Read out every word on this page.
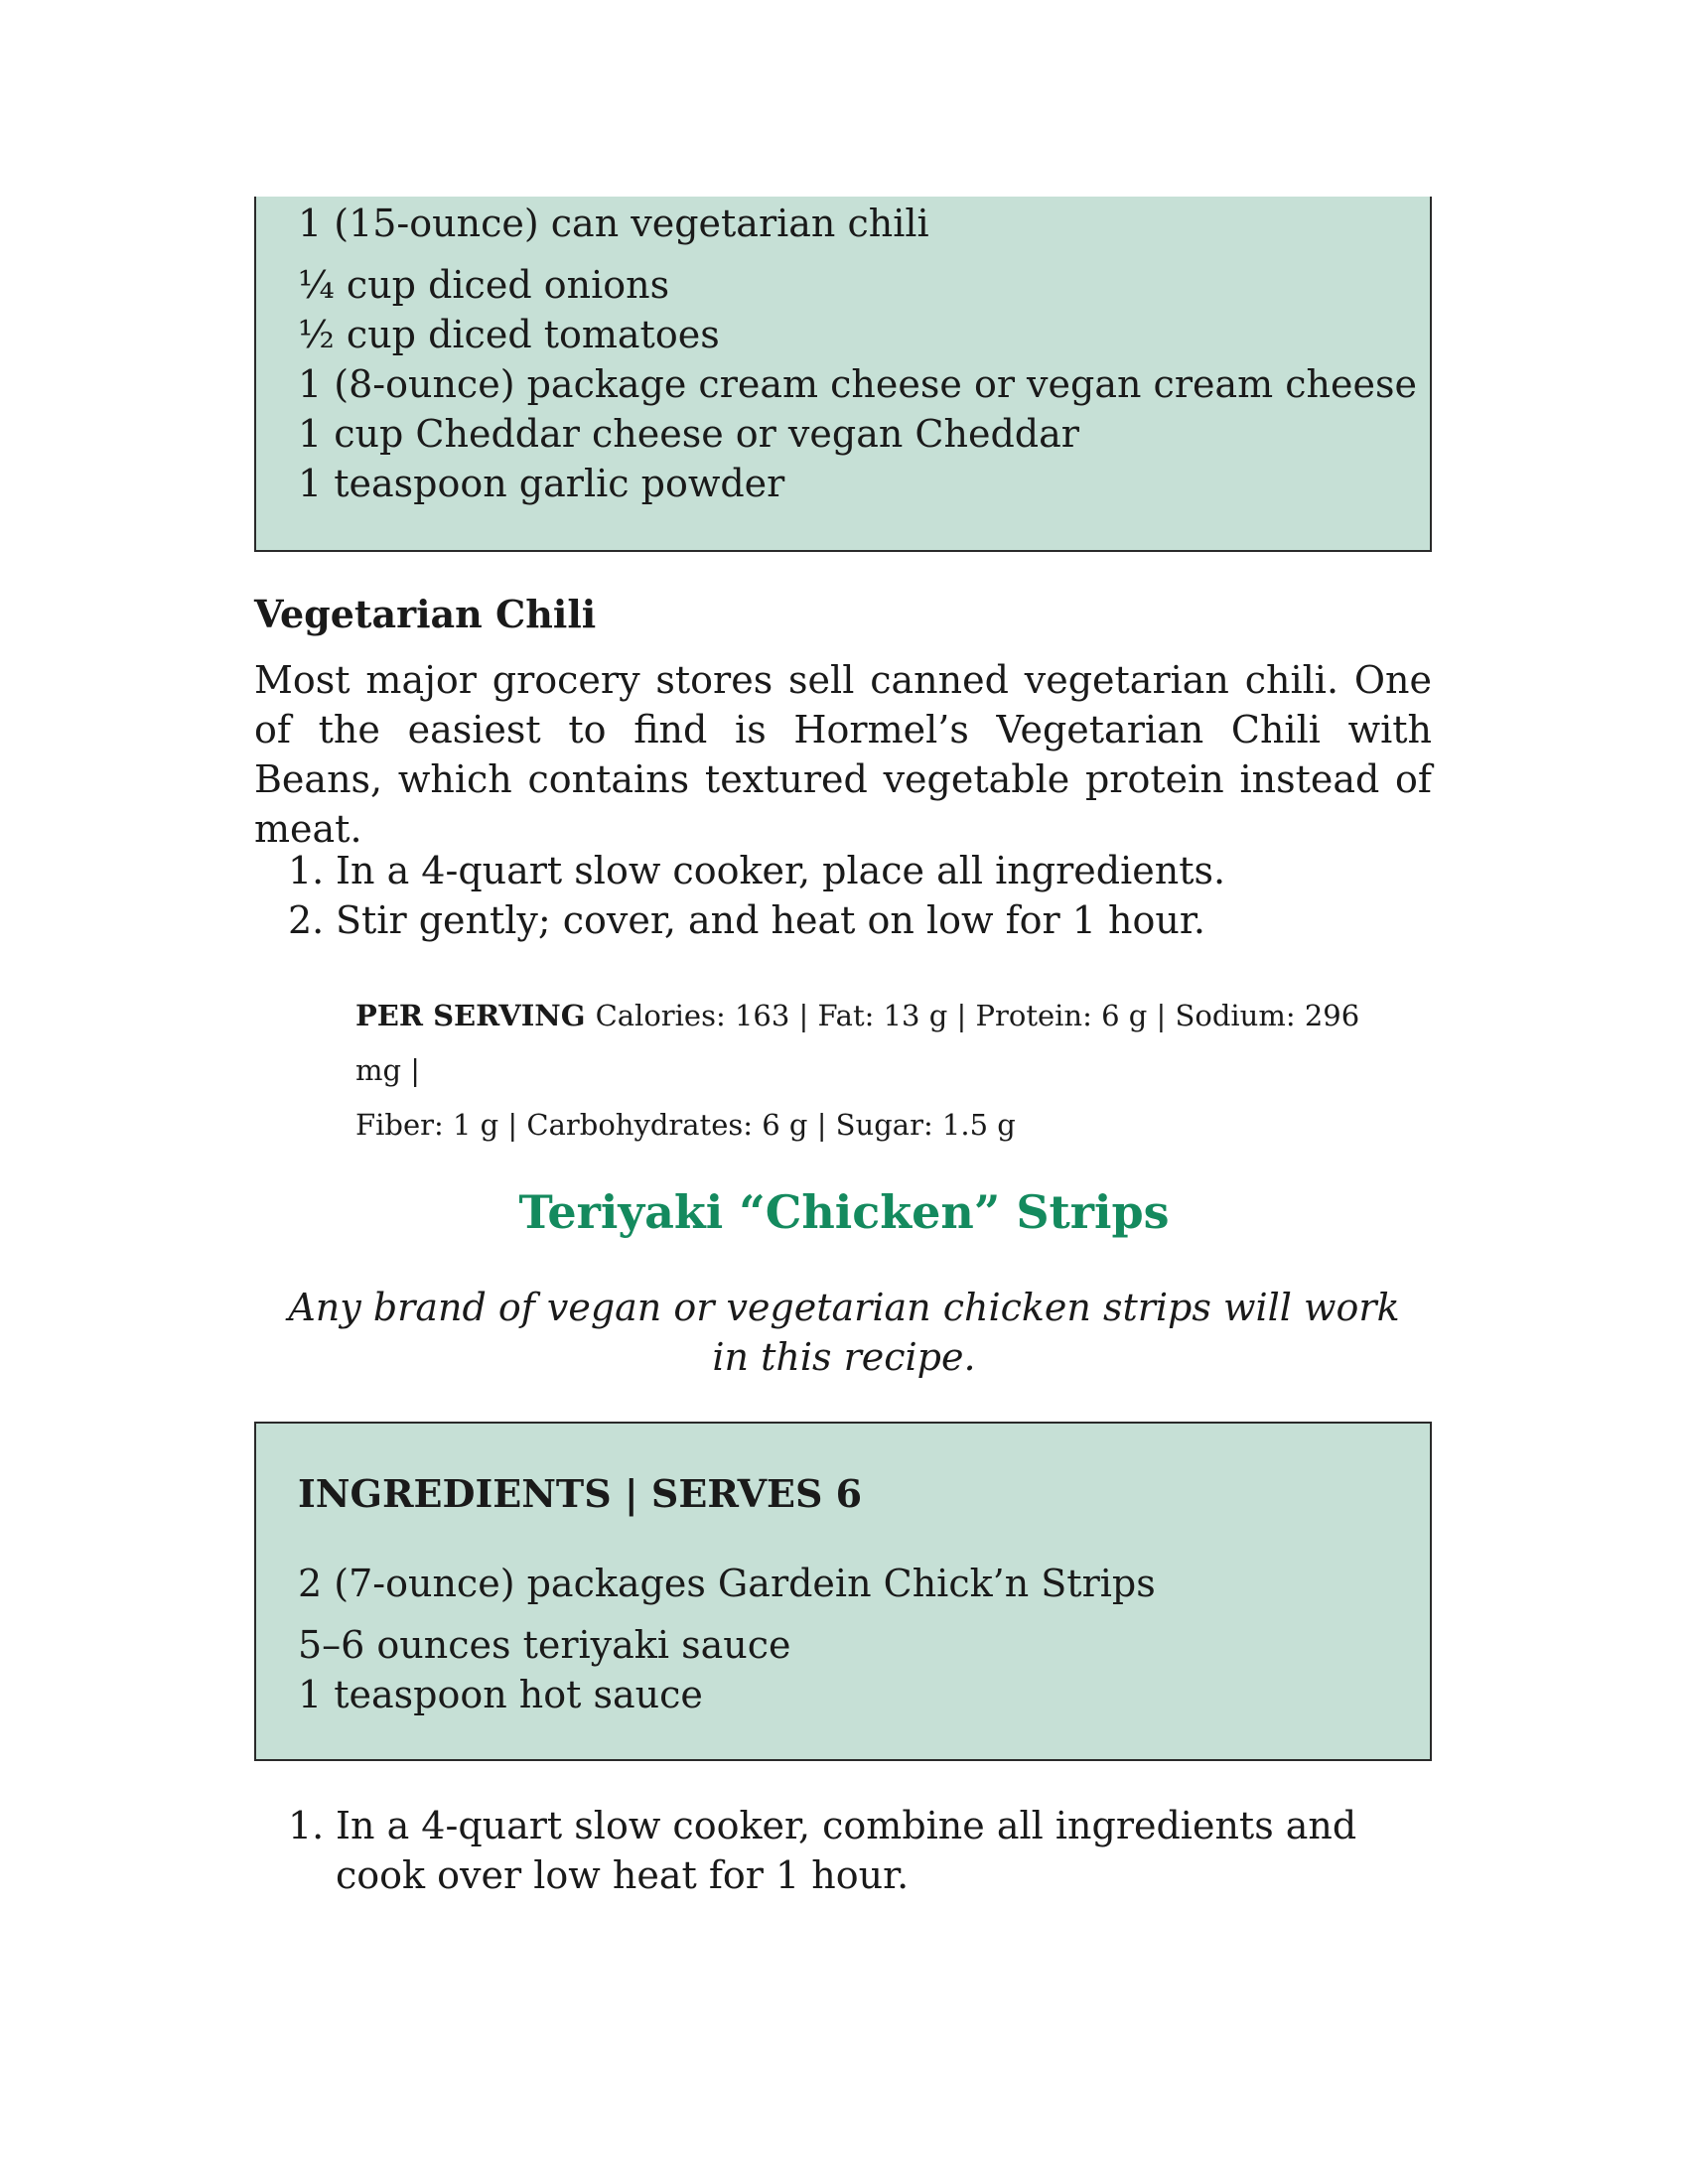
1 (15-ounce) can vegetarian chili

¼ cup diced onions

½ cup diced tomatoes

1 (8-ounce) package cream cheese or vegan cream cheese

1 cup Cheddar cheese or vegan Cheddar

1 teaspoon garlic powder

Vegetarian Chili

Most major grocery stores sell canned vegetarian chili. One of the easiest to find is Hormel’s Vegetarian Chili with Beans, which contains textured vegetable protein instead of meat.

1. In a 4-quart slow cooker, place all ingredients.
2. Stir gently; cover, and heat on low for 1 hour.
PER SERVING Calories: 163 | Fat: 13 g | Protein: 6 g | Sodium: 296 mg |
Fiber: 1 g | Carbohydrates: 6 g | Sugar: 1.5 g
Teriyaki “Chicken” Strips

Any brand of vegan or vegetarian chicken strips will work in this recipe.

INGREDIENTS | SERVES 6

2 (7-ounce) packages Gardein Chick’n Strips

5–6 ounces teriyaki sauce

1 teaspoon hot sauce

1. In a 4-quart slow cooker, combine all ingredients and cook over low heat for 1 hour.
